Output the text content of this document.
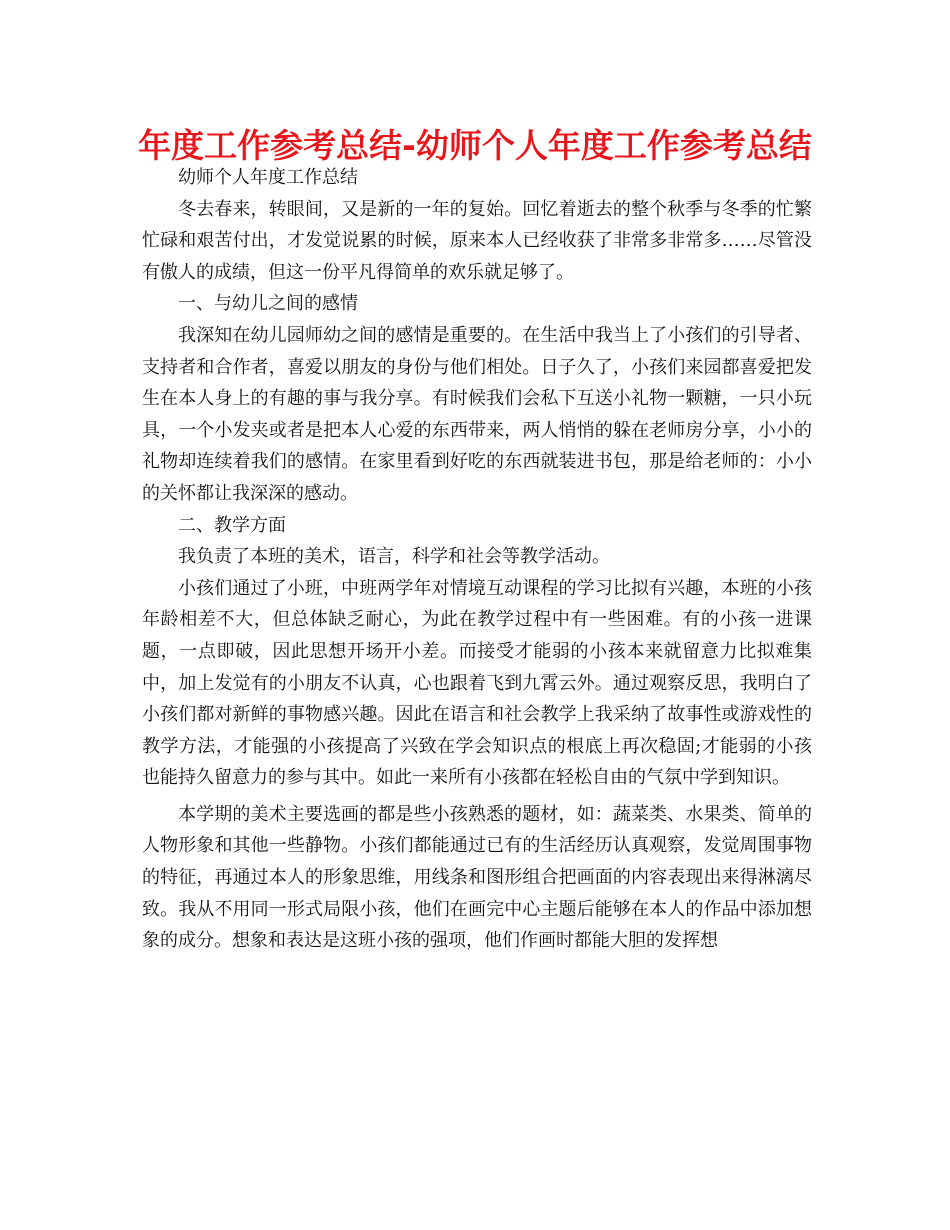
年度工作参考总结-幼师个人年度工作参考总结

幼师个人年度工作总结

冬去春来，转眼间，又是新的一年的复始。回忆着逝去的整个秋季与冬季的忙繁忙碌和艰苦付出，才发觉说累的时候，原来本人已经收获了非常多非常多……尽管没有傲人的成绩，但这一份平凡得简单的欢乐就足够了。

一、与幼儿之间的感情

我深知在幼儿园师幼之间的感情是重要的。在生活中我当上了小孩们的引导者、支持者和合作者，喜爱以朋友的身份与他们相处。日子久了，小孩们来园都喜爱把发生在本人身上的有趣的事与我分享。有时候我们会私下互送小礼物一颗糖，一只小玩具，一个小发夹或者是把本人心爱的东西带来，两人悄悄的躲在老师房分享，小小的礼物却连续着我们的感情。在家里看到好吃的东西就装进书包，那是给老师的：小小的关怀都让我深深的感动。

二、教学方面

我负责了本班的美术，语言，科学和社会等教学活动。

小孩们通过了小班，中班两学年对情境互动课程的学习比拟有兴趣，本班的小孩年龄相差不大，但总体缺乏耐心，为此在教学过程中有一些困难。有的小孩一进课题，一点即破，因此思想开场开小差。而接受才能弱的小孩本来就留意力比拟难集中，加上发觉有的小朋友不认真，心也跟着飞到九霄云外。通过观察反思，我明白了小孩们都对新鲜的事物感兴趣。因此在语言和社会教学上我采纳了故事性或游戏性的教学方法，才能强的小孩提高了兴致在学会知识点的根底上再次稳固;才能弱的小孩也能持久留意力的参与其中。如此一来所有小孩都在轻松自由的气氛中学到知识。

本学期的美术主要选画的都是些小孩熟悉的题材，如：蔬菜类、水果类、简单的人物形象和其他一些静物。小孩们都能通过已有的生活经历认真观察，发觉周围事物的特征，再通过本人的形象思维，用线条和图形组合把画面的内容表现出来得淋漓尽致。我从不用同一形式局限小孩，他们在画完中心主题后能够在本人的作品中添加想象的成分。想象和表达是这班小孩的强项，他们作画时都能大胆的发挥想
